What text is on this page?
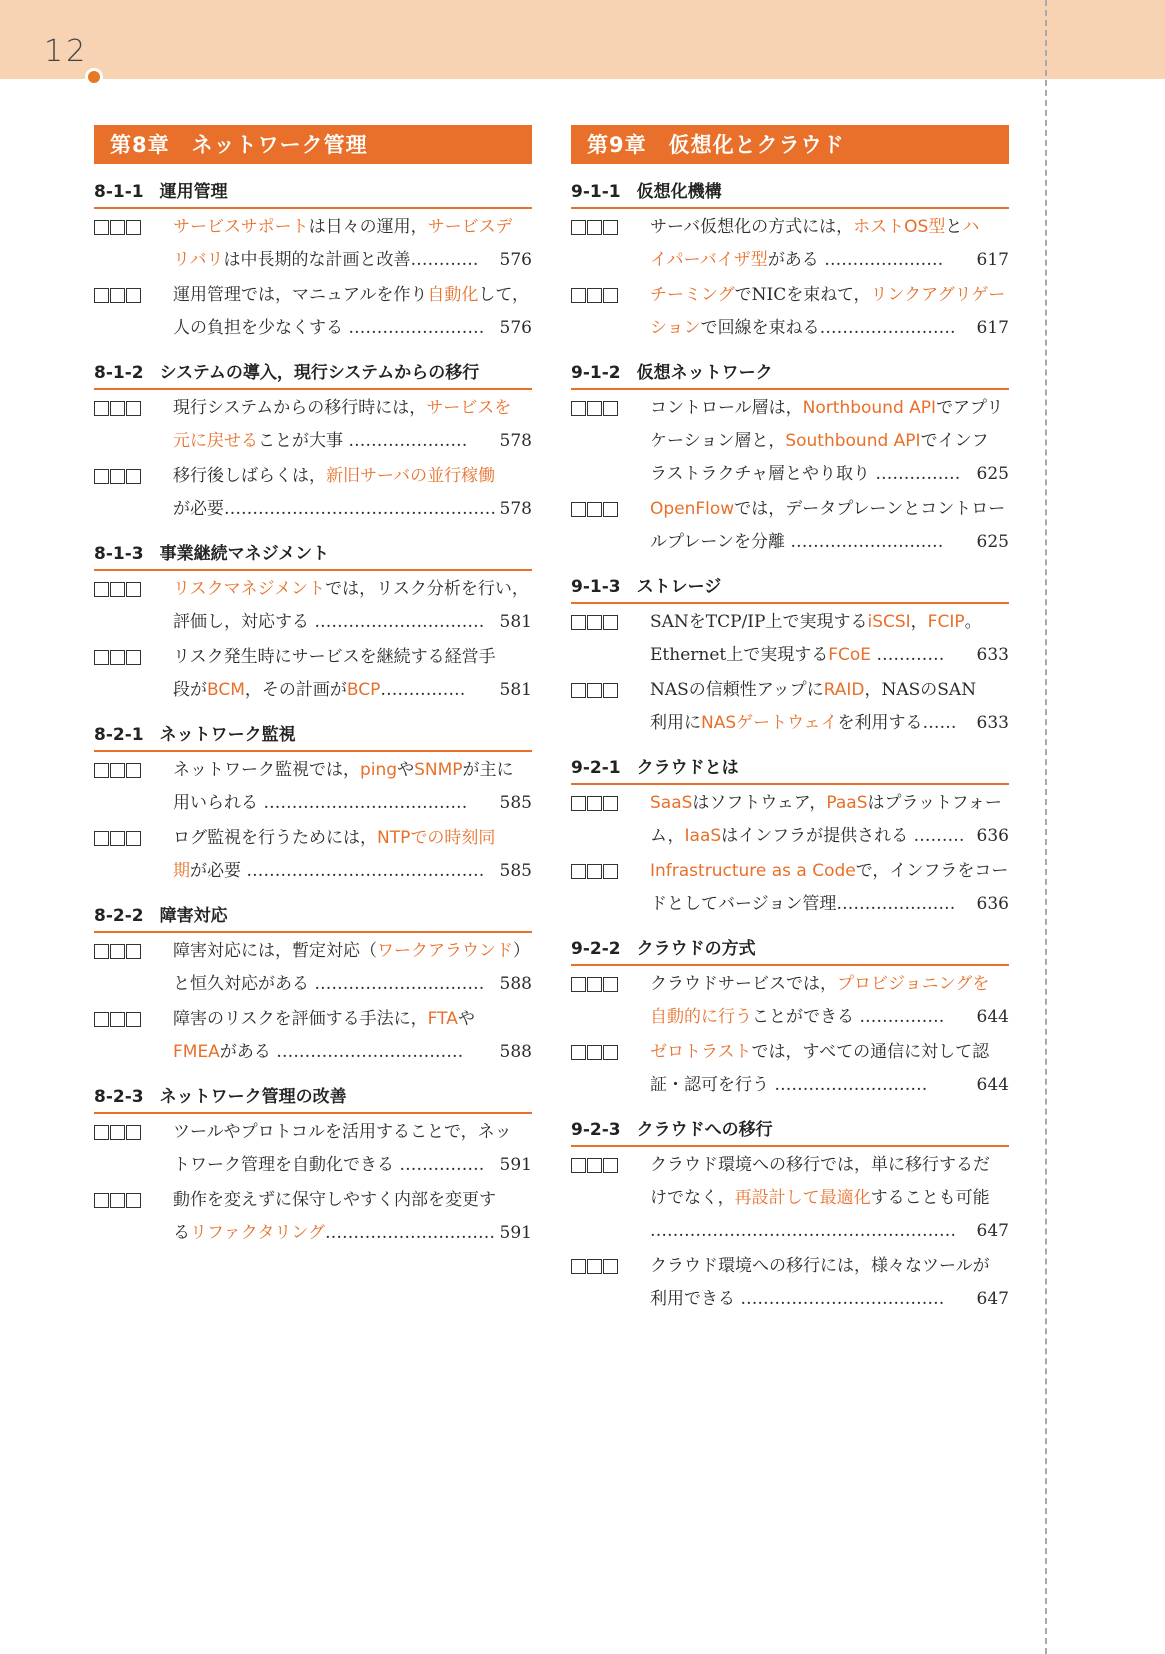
12
第8章 ネットワーク管理
8-1-1 運用管理
サービスサポートは日々の運用，サービスデ
リバリは中長期的な計画と改善………… 576
運用管理では，マニュアルを作り自動化して，
人の負担を少なくする …………………… 576
8-1-2 システムの導入，現行システムからの移行
現行システムからの移行時には，サービスを
元に戻せることが大事 ………………… 578
移行後しばらくは，新旧サーバの並行稼働
が必要………………………………………… 578
8-1-3 事業継続マネジメント
リスクマネジメントでは，リスク分析を行い，
評価し，対応する ………………………… 581
リスク発生時にサービスを継続する経営手
段がBCM，その計画がBCP…………… 581
8-2-1 ネットワーク監視
ネットワーク監視では，pingやSNMPが主に
用いられる ……………………………… 585
ログ監視を行うためには，NTPでの時刻同
期が必要 …………………………………… 585
8-2-2 障害対応
障害対応には，暫定対応（ワークアラウンド）
と恒久対応がある ………………………… 588
障害のリスクを評価する手法に，FTAや
FMEAがある …………………………… 588
8-2-3 ネットワーク管理の改善
ツールやプロトコルを活用することで，ネッ
トワーク管理を自動化できる …………… 591
動作を変えずに保守しやすく内部を変更す
るリファクタリング………………………… 591
第9章 仮想化とクラウド
9-1-1 仮想化機構
サーバ仮想化の方式には，ホストOS型とハ
イパーバイザ型がある ………………… 617
チーミングでNICを束ねて，リンクアグリゲー
ションで回線を束ねる…………………… 617
9-1-2 仮想ネットワーク
コントロール層は，Northbound APIでアプリ
ケーション層と，Southbound APIでインフ
ラストラクチャ層とやり取り …………… 625
OpenFlowでは，データプレーンとコントロー
ルプレーンを分離 ……………………… 625
9-1-3 ストレージ
SANをTCP/IP上で実現するiSCSI，FCIP。
Ethernet上で実現するFCoE ………… 633
NASの信頼性アップにRAID，NASのSAN
利用にNASゲートウェイを利用する…… 633
9-2-1 クラウドとは
SaaSはソフトウェア，PaaSはプラットフォー
ム，IaaSはインフラが提供される ……… 636
Infrastructure as a Codeで，インフラをコー
ドとしてバージョン管理………………… 636
9-2-2 クラウドの方式
クラウドサービスでは，プロビジョニングを
自動的に行うことができる …………… 644
ゼロトラストでは，すべての通信に対して認
証・認可を行う ………………………	644
9-2-3 クラウドへの移行
クラウド環境への移行では，単に移行するだ
けでなく，再設計して最適化することも可能
……………………………………………… 647
クラウド環境への移行には，様々なツールが
利用できる ……………………………… 647
